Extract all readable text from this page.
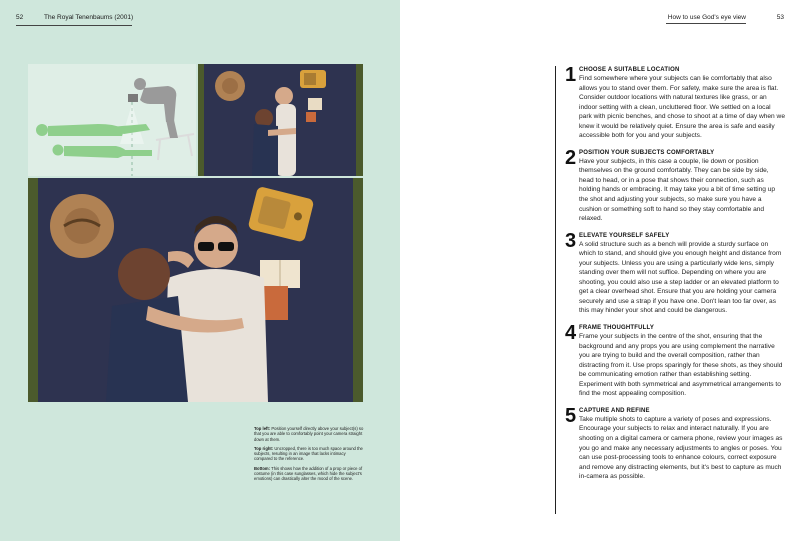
52	The Royal Tenenbaums (2001)

Top left: Position yourself directly above your subject(s) so that you are able to comfortably point your camera straight down at them.

Top right: Uncropped, there is too much space around the subjects, resulting in an image that lacks intimacy compared to the reference.

Bottom: This shows how the addition of a prop or piece of costume (in this case sunglasses, which hide the subject's emotions) can drastically alter the mood of the scene.

How to use God's eye view	53
1 CHOOSE A SUITABLE LOCATION
Find somewhere where your subjects can lie comfortably that also allows you to stand over them. For safety, make sure the area is flat. Consider outdoor locations with natural textures like grass, or an indoor setting with a clean, uncluttered floor. We settled on a local park with picnic benches, and chose to shoot at a time of day when we knew it would be relatively quiet. Ensure the area is safe and easily accessible both for you and your subjects.
2 POSITION YOUR SUBJECTS COMFORTABLY
Have your subjects, in this case a couple, lie down or position themselves on the ground comfortably. They can be side by side, head to head, or in a pose that shows their connection, such as holding hands or embracing. It may take you a bit of time setting up the shot and adjusting your subjects, so make sure you have a cushion or something soft to hand so they stay comfortable and relaxed.
3 ELEVATE YOURSELF SAFELY
A solid structure such as a bench will provide a sturdy surface on which to stand, and should give you enough height and distance from your subjects. Unless you are using a particularly wide lens, simply standing over them will not suffice. Depending on where you are shooting, you could also use a step ladder or an elevated platform to get a clear overhead shot. Ensure that you are holding your camera securely and use a strap if you have one. Don't lean too far over, as this may hinder your shot and could be dangerous.
4 FRAME THOUGHTFULLY
Frame your subjects in the centre of the shot, ensuring that the background and any props you are using complement the narrative you are trying to build and the overall composition, rather than distracting from it. Use props sparingly for these shots, as they should be communicating emotion rather than establishing setting. Experiment with both symmetrical and asymmetrical arrangements to find the most appealing composition.
5 CAPTURE AND REFINE
Take multiple shots to capture a variety of poses and expressions. Encourage your subjects to relax and interact naturally. If you are shooting on a digital camera or camera phone, review your images as you go and make any necessary adjustments to angles or poses. You can use post-processing tools to enhance colours, correct exposure and remove any distracting elements, but it's best to capture as much in-camera as possible.
